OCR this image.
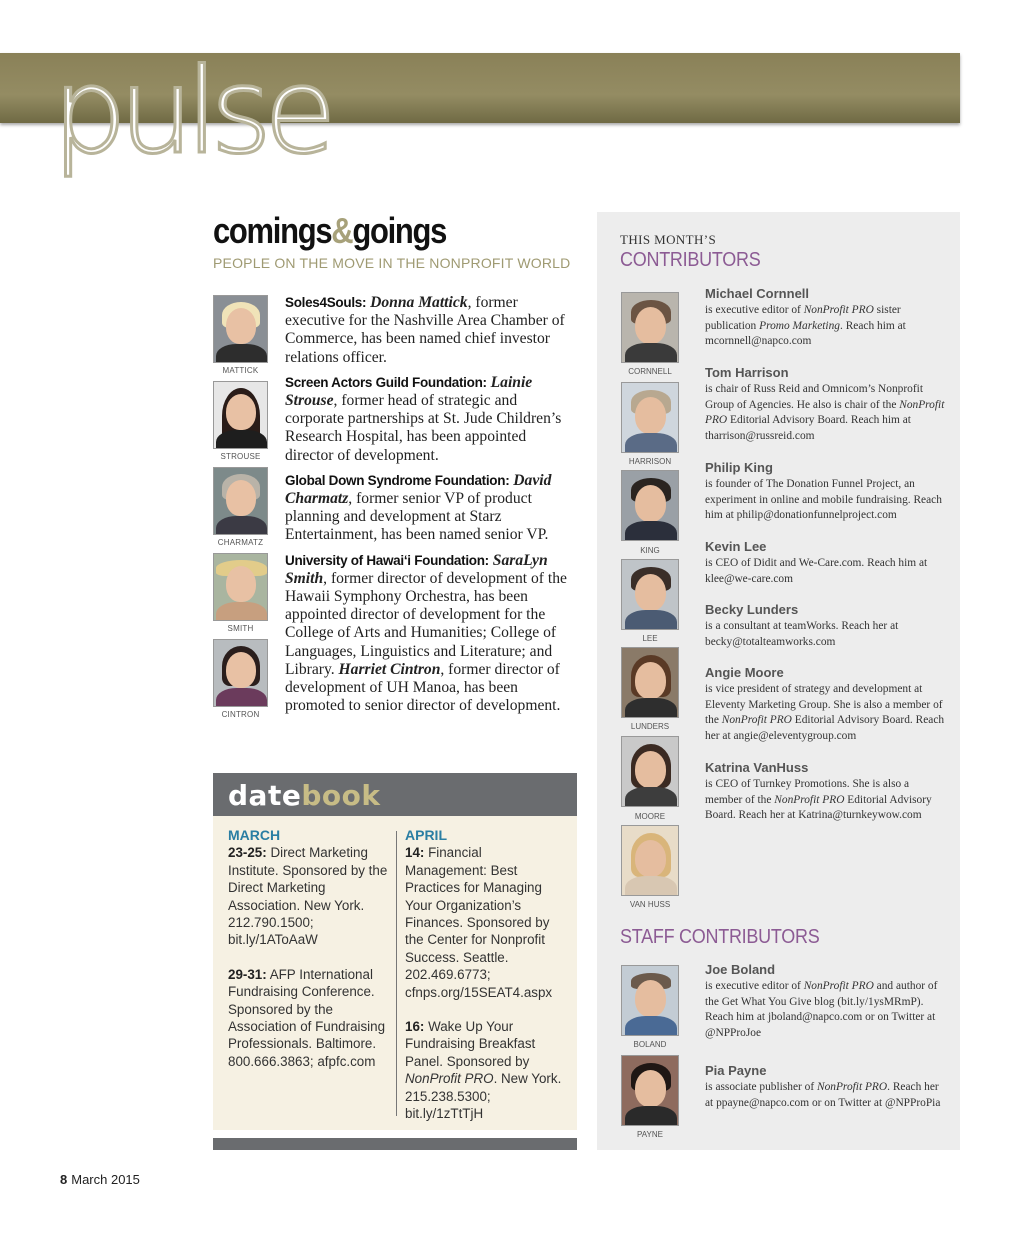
pulse
comings&goings
PEOPLE ON THE MOVE IN THE NONPROFIT WORLD
MATTICK
STROUSE
CHARMATZ
SMITH
CINTRON

Soles4Souls: Donna Mattick, former executive for the Nashville Area Chamber of Commerce, has been named chief investor relations officer.

Screen Actors Guild Foundation: Lainie Strouse, former head of strategic and corporate partnerships at St. Jude Children’s Research Hospital, has been appointed director of development.

Global Down Syndrome Foundation: David Charmatz, former senior VP of product planning and development at Starz Entertainment, has been named senior VP.

University of Hawai‘i Foundation: SaraLyn Smith, former director of development of the Hawaii Symphony Orchestra, has been appointed director of development for the College of Arts and Humanities; College of Languages, Linguistics and Literature; and Library. Harriet Cintron, former director of development of UH Manoa, has been promoted to senior director of development.

datebook
MARCH

23-25: Direct Marketing Institute. Sponsored by the Direct Marketing Association. New York. 212.790.1500; bit.ly/1AToAaW

29-31: AFP International Fundraising Conference. Sponsored by the Association of Fundraising Professionals. Baltimore. 800.666.3863; afpfc.com

APRIL

14: Financial Management: Best Practices for Managing Your Organization’s Finances. Sponsored by the Center for Nonprofit Success. Seattle. 202.469.6773; cfnps.org/15SEAT4.aspx

16: Wake Up Your Fundraising Breakfast Panel. Sponsored by NonProfit PRO. New York. 215.238.5300; bit.ly/1zTtTjH

THIS MONTH’S
CONTRIBUTORS
CORNNELL
Michael Cornnell
is executive editor of NonProfit PRO sister publication Promo Marketing. Reach him at mcornnell@napco.com
HARRISON
Tom Harrison
is chair of Russ Reid and Omnicom’s Nonprofit Group of Agencies. He also is chair of the NonProfit PRO Editorial Advisory Board. Reach him at tharrison@russreid.com
KING
Philip King
is founder of The Donation Funnel Project, an experiment in online and mobile fundraising. Reach him at philip@donationfunnelproject.com
LEE
Kevin Lee
is CEO of Didit and We-Care.com. Reach him at klee@we-care.com
LUNDERS
Becky Lunders
is a consultant at teamWorks. Reach her at becky@totalteamworks.com
MOORE
Angie Moore
is vice president of strategy and development at Eleventy Marketing Group. She is also a member of the NonProfit PRO Editorial Advisory Board. Reach her at angie@eleventygroup.com
VAN HUSS
Katrina VanHuss
is CEO of Turnkey Promotions. She is also a member of the NonProfit PRO Editorial Advisory Board. Reach her at Katrina@turnkeywow.com
STAFF CONTRIBUTORS
BOLAND
Joe Boland
is executive editor of NonProfit PRO and author of the Get What You Give blog (bit.ly/1ysMRmP). Reach him at jboland@napco.com or on Twitter at @NPProJoe
PAYNE
Pia Payne
is associate publisher of NonProfit PRO. Reach her at ppayne@napco.com or on Twitter at @NPProPia
8 March 2015
